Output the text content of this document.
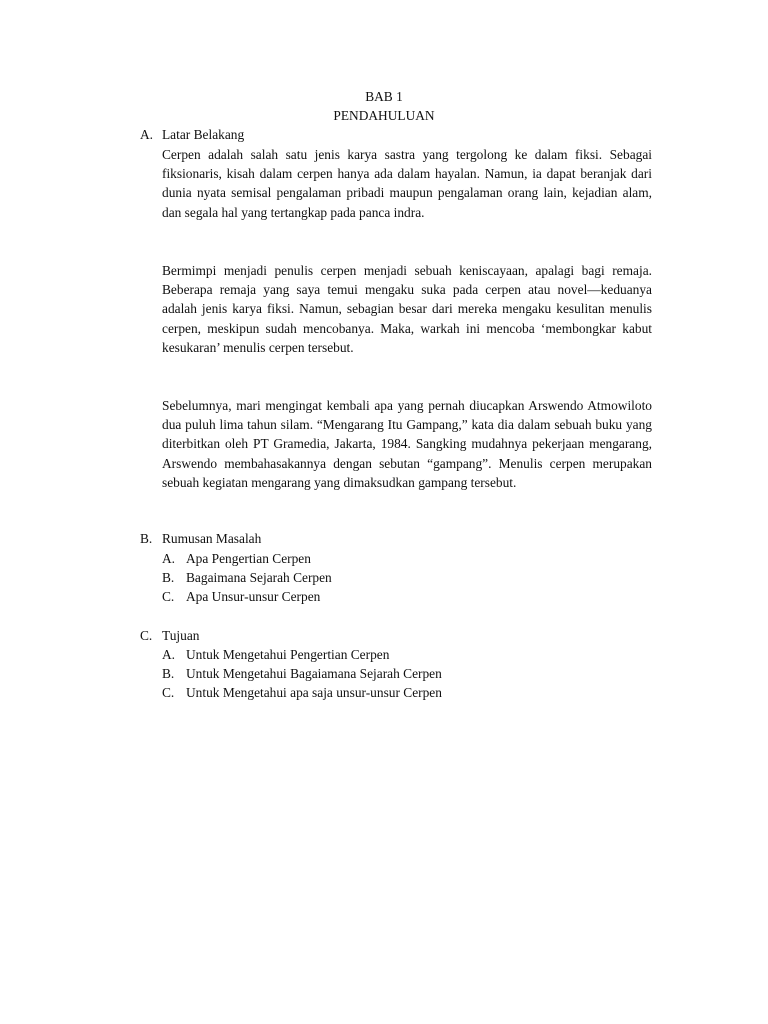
BAB 1
PENDAHULUAN
A. Latar Belakang

Cerpen adalah salah satu jenis karya sastra yang tergolong ke dalam fiksi. Sebagai fiksionaris, kisah dalam cerpen hanya ada dalam hayalan. Namun, ia dapat beranjak dari dunia nyata semisal pengalaman pribadi maupun pengalaman orang lain, kejadian alam, dan segala hal yang tertangkap pada panca indra.

Bermimpi menjadi penulis cerpen menjadi sebuah keniscayaan, apalagi bagi remaja. Beberapa remaja yang saya temui mengaku suka pada cerpen atau novel—keduanya adalah jenis karya fiksi. Namun, sebagian besar dari mereka mengaku kesulitan menulis cerpen, meskipun sudah mencobanya. Maka, warkah ini mencoba ‘membongkar kabut kesukaran’ menulis cerpen tersebut.

Sebelumnya, mari mengingat kembali apa yang pernah diucapkan Arswendo Atmowiloto dua puluh lima tahun silam. “Mengarang Itu Gampang,” kata dia dalam sebuah buku yang diterbitkan oleh PT Gramedia, Jakarta, 1984. Sangking mudahnya pekerjaan mengarang, Arswendo membahasakannya dengan sebutan “gampang”. Menulis cerpen merupakan sebuah kegiatan mengarang yang dimaksudkan gampang tersebut.

B. Rumusan Masalah
A. Apa Pengertian Cerpen
B. Bagaimana Sejarah Cerpen
C. Apa Unsur-unsur Cerpen
C. Tujuan
A. Untuk Mengetahui Pengertian Cerpen
B. Untuk Mengetahui Bagaiamana Sejarah Cerpen
C. Untuk Mengetahui apa saja unsur-unsur Cerpen
